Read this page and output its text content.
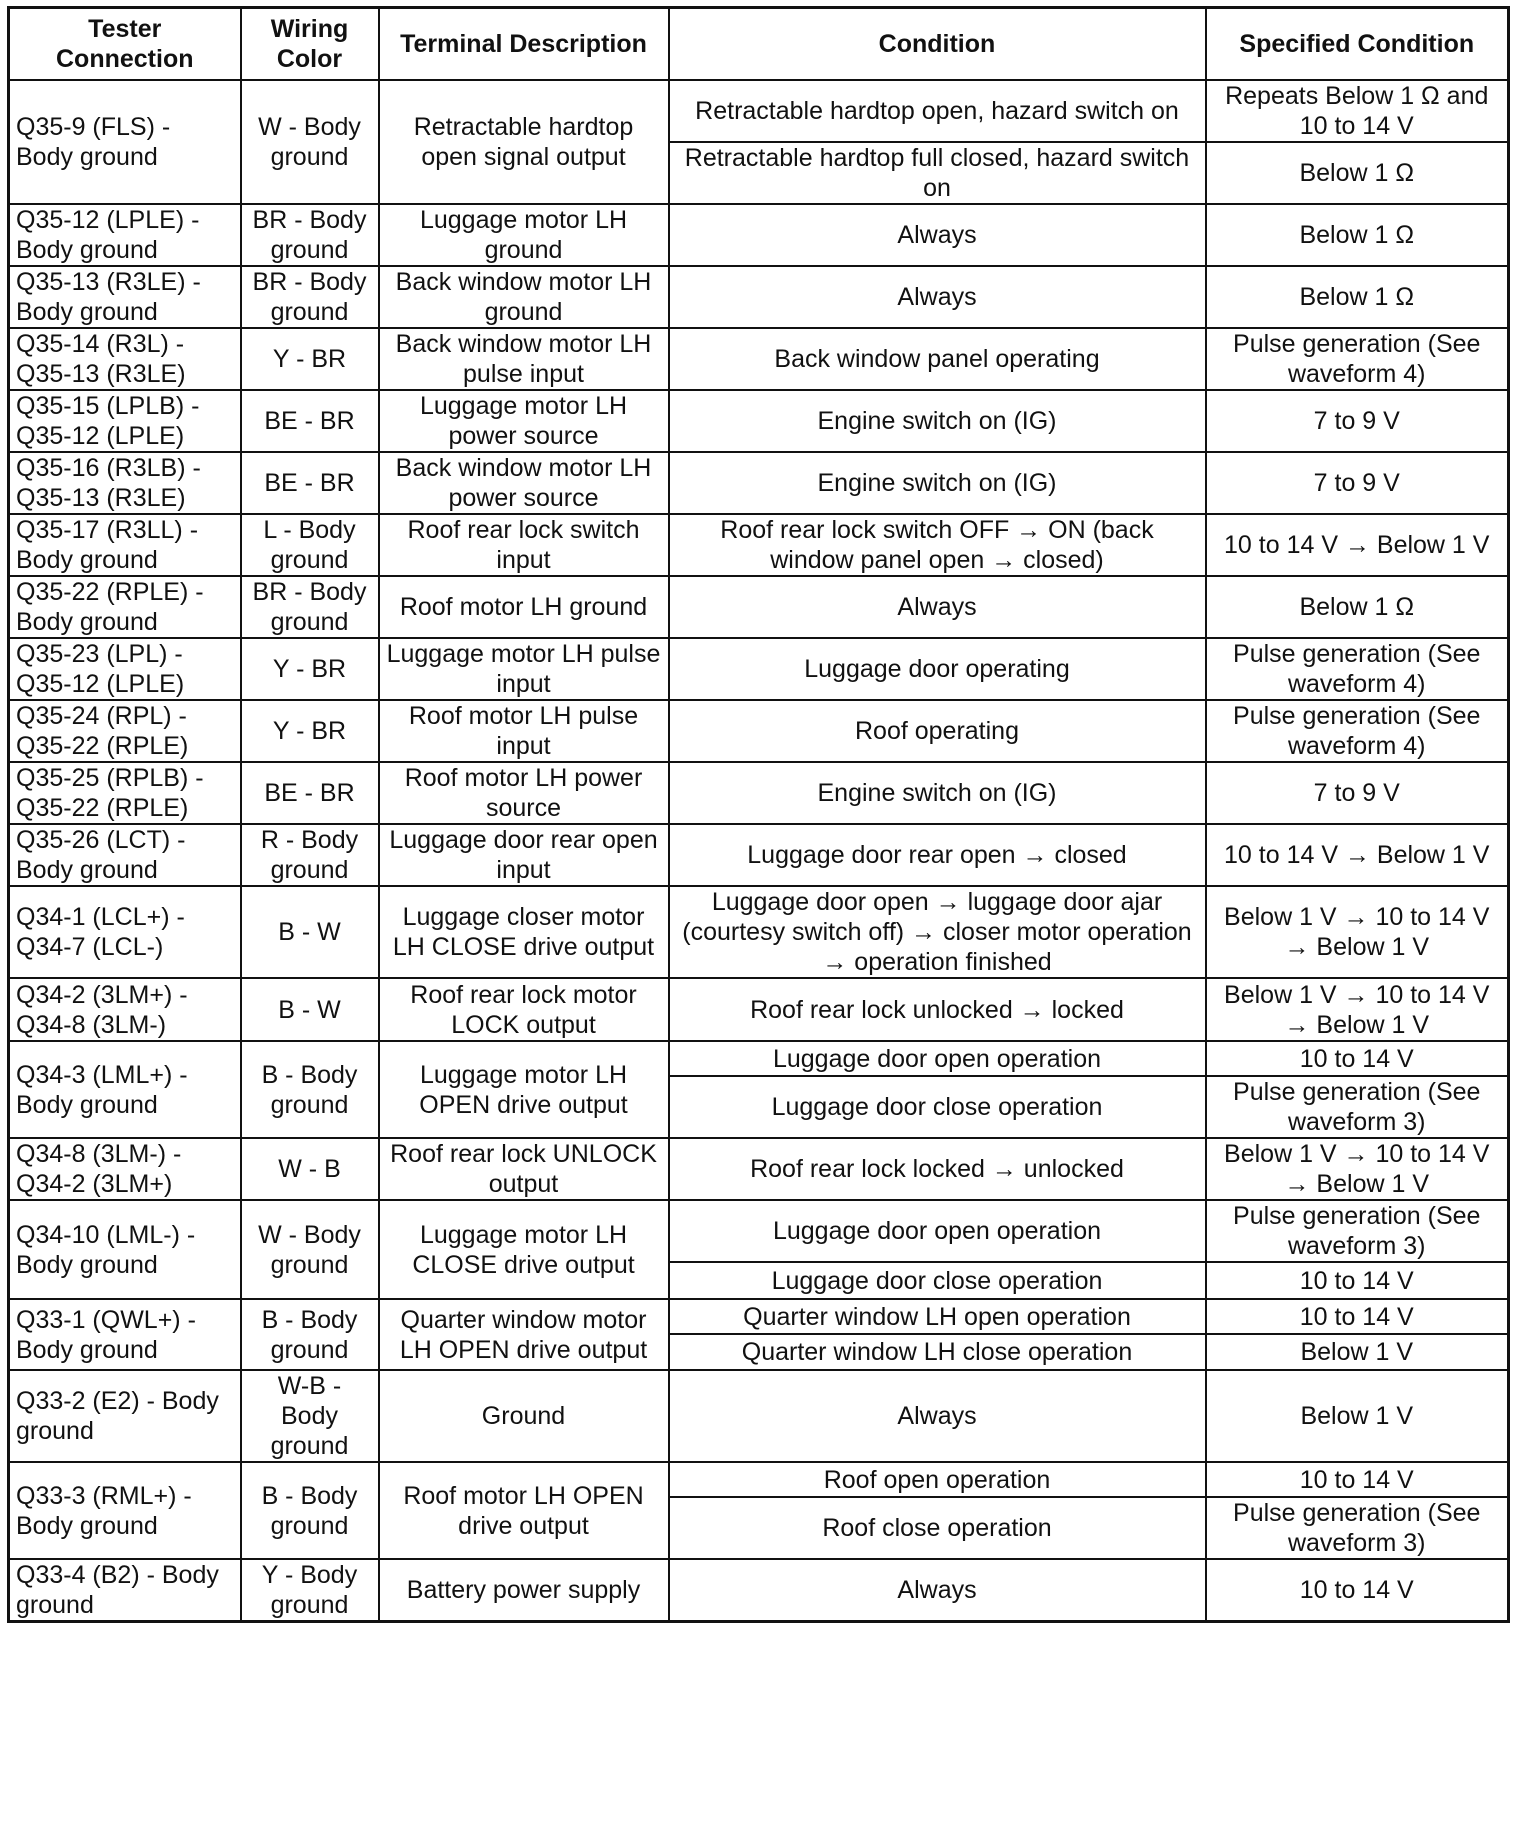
Tester Connection	Wiring Color	Terminal Description	Condition	Specified Condition
Q35-9 (FLS) - Body ground	W - Body ground	Retractable hardtop open signal output	Retractable hardtop open, hazard switch on	Repeats Below 1 Ω and 10 to 14 V
			Retractable hardtop full closed, hazard switch on	Below 1 Ω
Q35-12 (LPLE) - Body ground	BR - Body ground	Luggage motor LH ground	Always	Below 1 Ω
Q35-13 (R3LE) - Body ground	BR - Body ground	Back window motor LH ground	Always	Below 1 Ω
Q35-14 (R3L) - Q35-13 (R3LE)	Y - BR	Back window motor LH pulse input	Back window panel operating	Pulse generation (See waveform 4)
Q35-15 (LPLB) - Q35-12 (LPLE)	BE - BR	Luggage motor LH power source	Engine switch on (IG)	7 to 9 V
Q35-16 (R3LB) - Q35-13 (R3LE)	BE - BR	Back window motor LH power source	Engine switch on (IG)	7 to 9 V
Q35-17 (R3LL) - Body ground	L - Body ground	Roof rear lock switch input	Roof rear lock switch OFF → ON (back window panel open → closed)	10 to 14 V → Below 1 V
Q35-22 (RPLE) - Body ground	BR - Body ground	Roof motor LH ground	Always	Below 1 Ω
Q35-23 (LPL) - Q35-12 (LPLE)	Y - BR	Luggage motor LH pulse input	Luggage door operating	Pulse generation (See waveform 4)
Q35-24 (RPL) - Q35-22 (RPLE)	Y - BR	Roof motor LH pulse input	Roof operating	Pulse generation (See waveform 4)
Q35-25 (RPLB) - Q35-22 (RPLE)	BE - BR	Roof motor LH power source	Engine switch on (IG)	7 to 9 V
Q35-26 (LCT) - Body ground	R - Body ground	Luggage door rear open input	Luggage door rear open → closed	10 to 14 V → Below 1 V
Q34-1 (LCL+) - Q34-7 (LCL-)	B - W	Luggage closer motor LH CLOSE drive output	Luggage door open → luggage door ajar (courtesy switch off) → closer motor operation → operation finished	Below 1 V → 10 to 14 V → Below 1 V
Q34-2 (3LM+) - Q34-8 (3LM-)	B - W	Roof rear lock motor LOCK output	Roof rear lock unlocked → locked	Below 1 V → 10 to 14 V → Below 1 V
Q34-3 (LML+) - Body ground	B - Body ground	Luggage motor LH OPEN drive output	Luggage door open operation	10 to 14 V
			Luggage door close operation	Pulse generation (See waveform 3)
Q34-8 (3LM-) - Q34-2 (3LM+)	W - B	Roof rear lock UNLOCK output	Roof rear lock locked → unlocked	Below 1 V → 10 to 14 V → Below 1 V
Q34-10 (LML-) - Body ground	W - Body ground	Luggage motor LH CLOSE drive output	Luggage door open operation	Pulse generation (See waveform 3)
			Luggage door close operation	10 to 14 V
Q33-1 (QWL+) - Body ground	B - Body ground	Quarter window motor LH OPEN drive output	Quarter window LH open operation	10 to 14 V
			Quarter window LH close operation	Below 1 V
Q33-2 (E2) - Body ground	W-B - Body ground	Ground	Always	Below 1 V
Q33-3 (RML+) - Body ground	B - Body ground	Roof motor LH OPEN drive output	Roof open operation	10 to 14 V
			Roof close operation	Pulse generation (See waveform 3)
Q33-4 (B2) - Body ground	Y - Body ground	Battery power supply	Always	10 to 14 V
